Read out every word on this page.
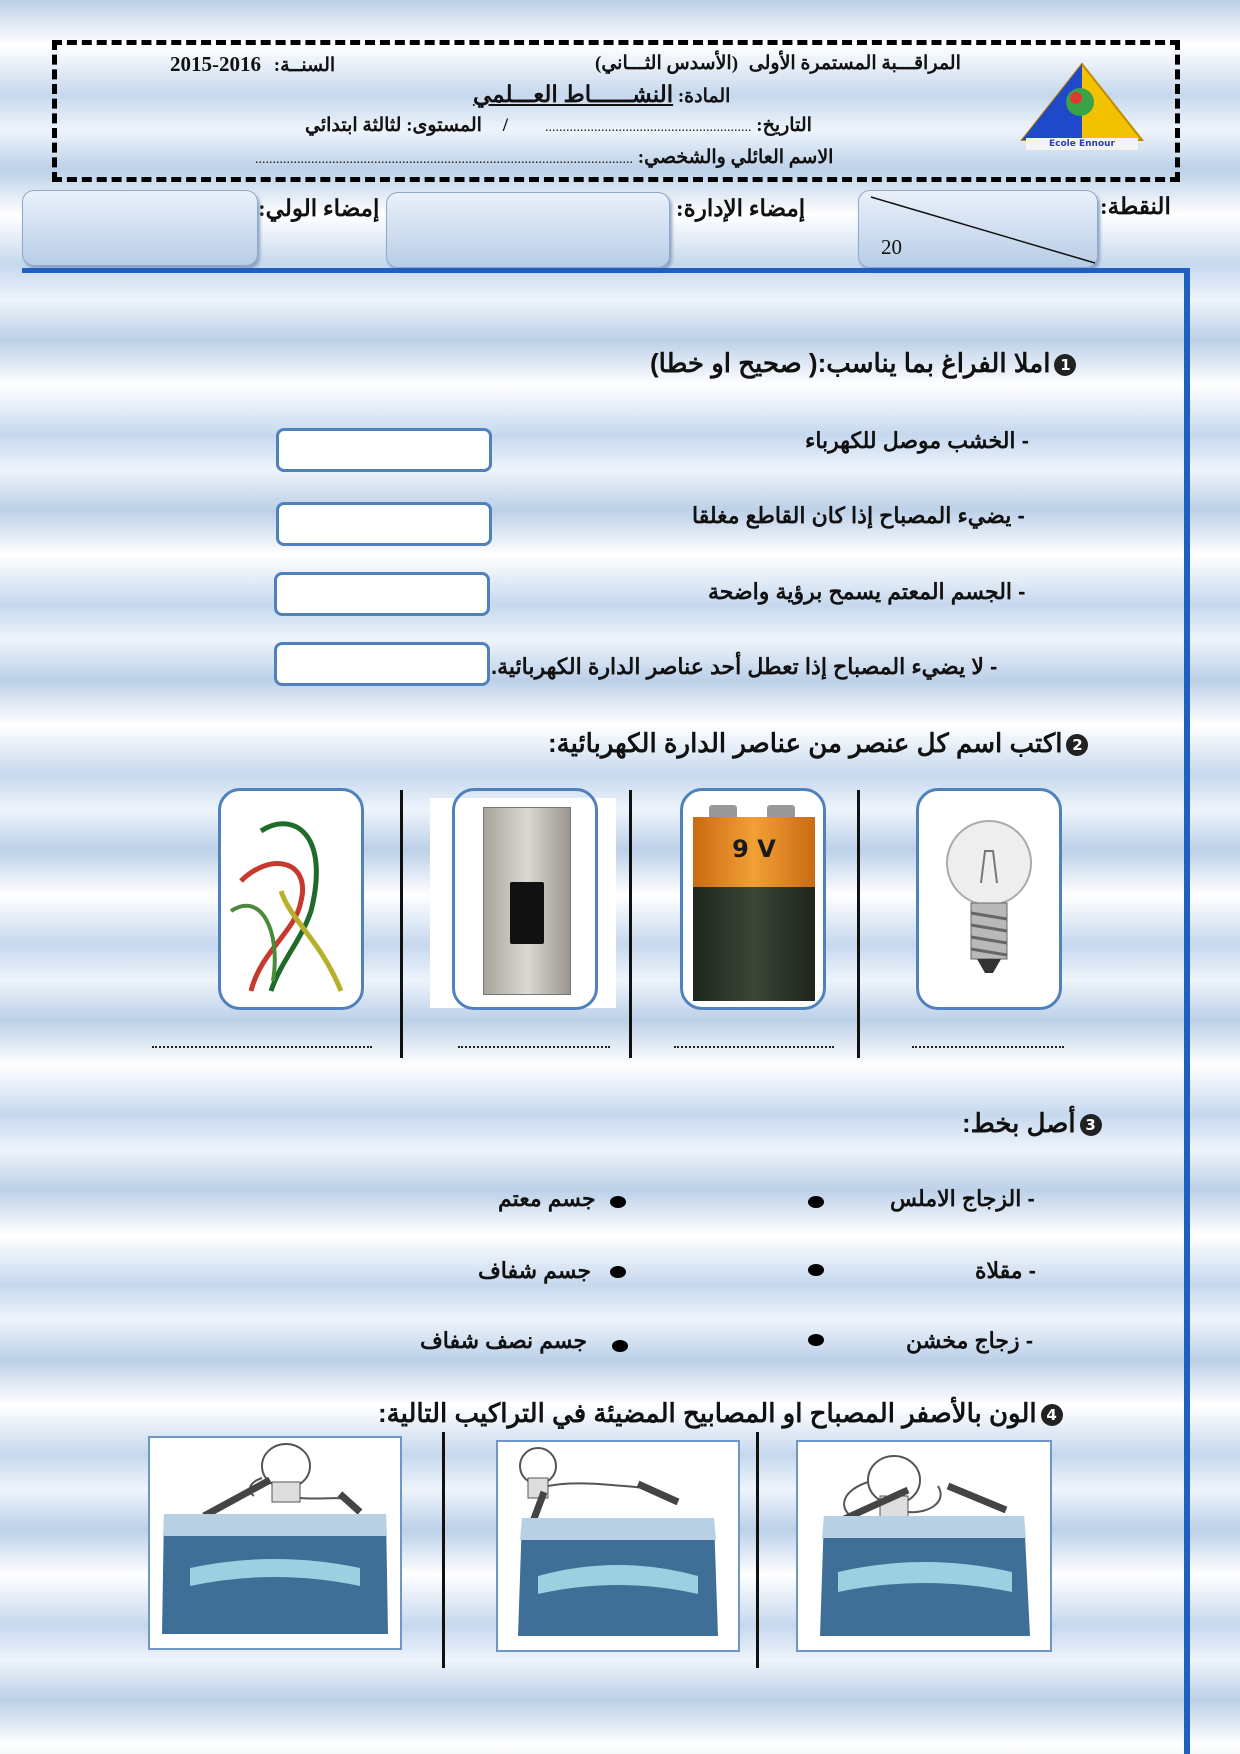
Ecole Ennour
المراقـــبة المستمرة الأولى (الأسدس الثـــاني)
السنــة: 2016-2015
المادة: النشــــــاط العـــلمي
التاريخ: ...........................................................
/ المستوى: لثالثة ابتدائي
الاسم العائلي والشخصي: ............................................................................................................
النقطة:
20
إمضاء الإدارة:
إمضاء الولي:
1املا الفراغ بما يناسب:( صحيح او خطا)
- الخشب موصل للكهرباء
- يضيء المصباح إذا كان القاطع مغلقا
- الجسم المعتم يسمح برؤية واضحة
- لا يضيء المصباح إذا تعطل أحد عناصر الدارة الكهربائية.
2اكتب اسم كل عنصر من عناصر الدارة الكهربائية:
9 V
3أصل بخط:
- الزجاج الاملس
جسم معتم
- مقلاة
جسم شفاف
- زجاج مخشن
جسم نصف شفاف
4الون بالأصفر المصباح او المصابيح المضيئة في التراكيب التالية:
